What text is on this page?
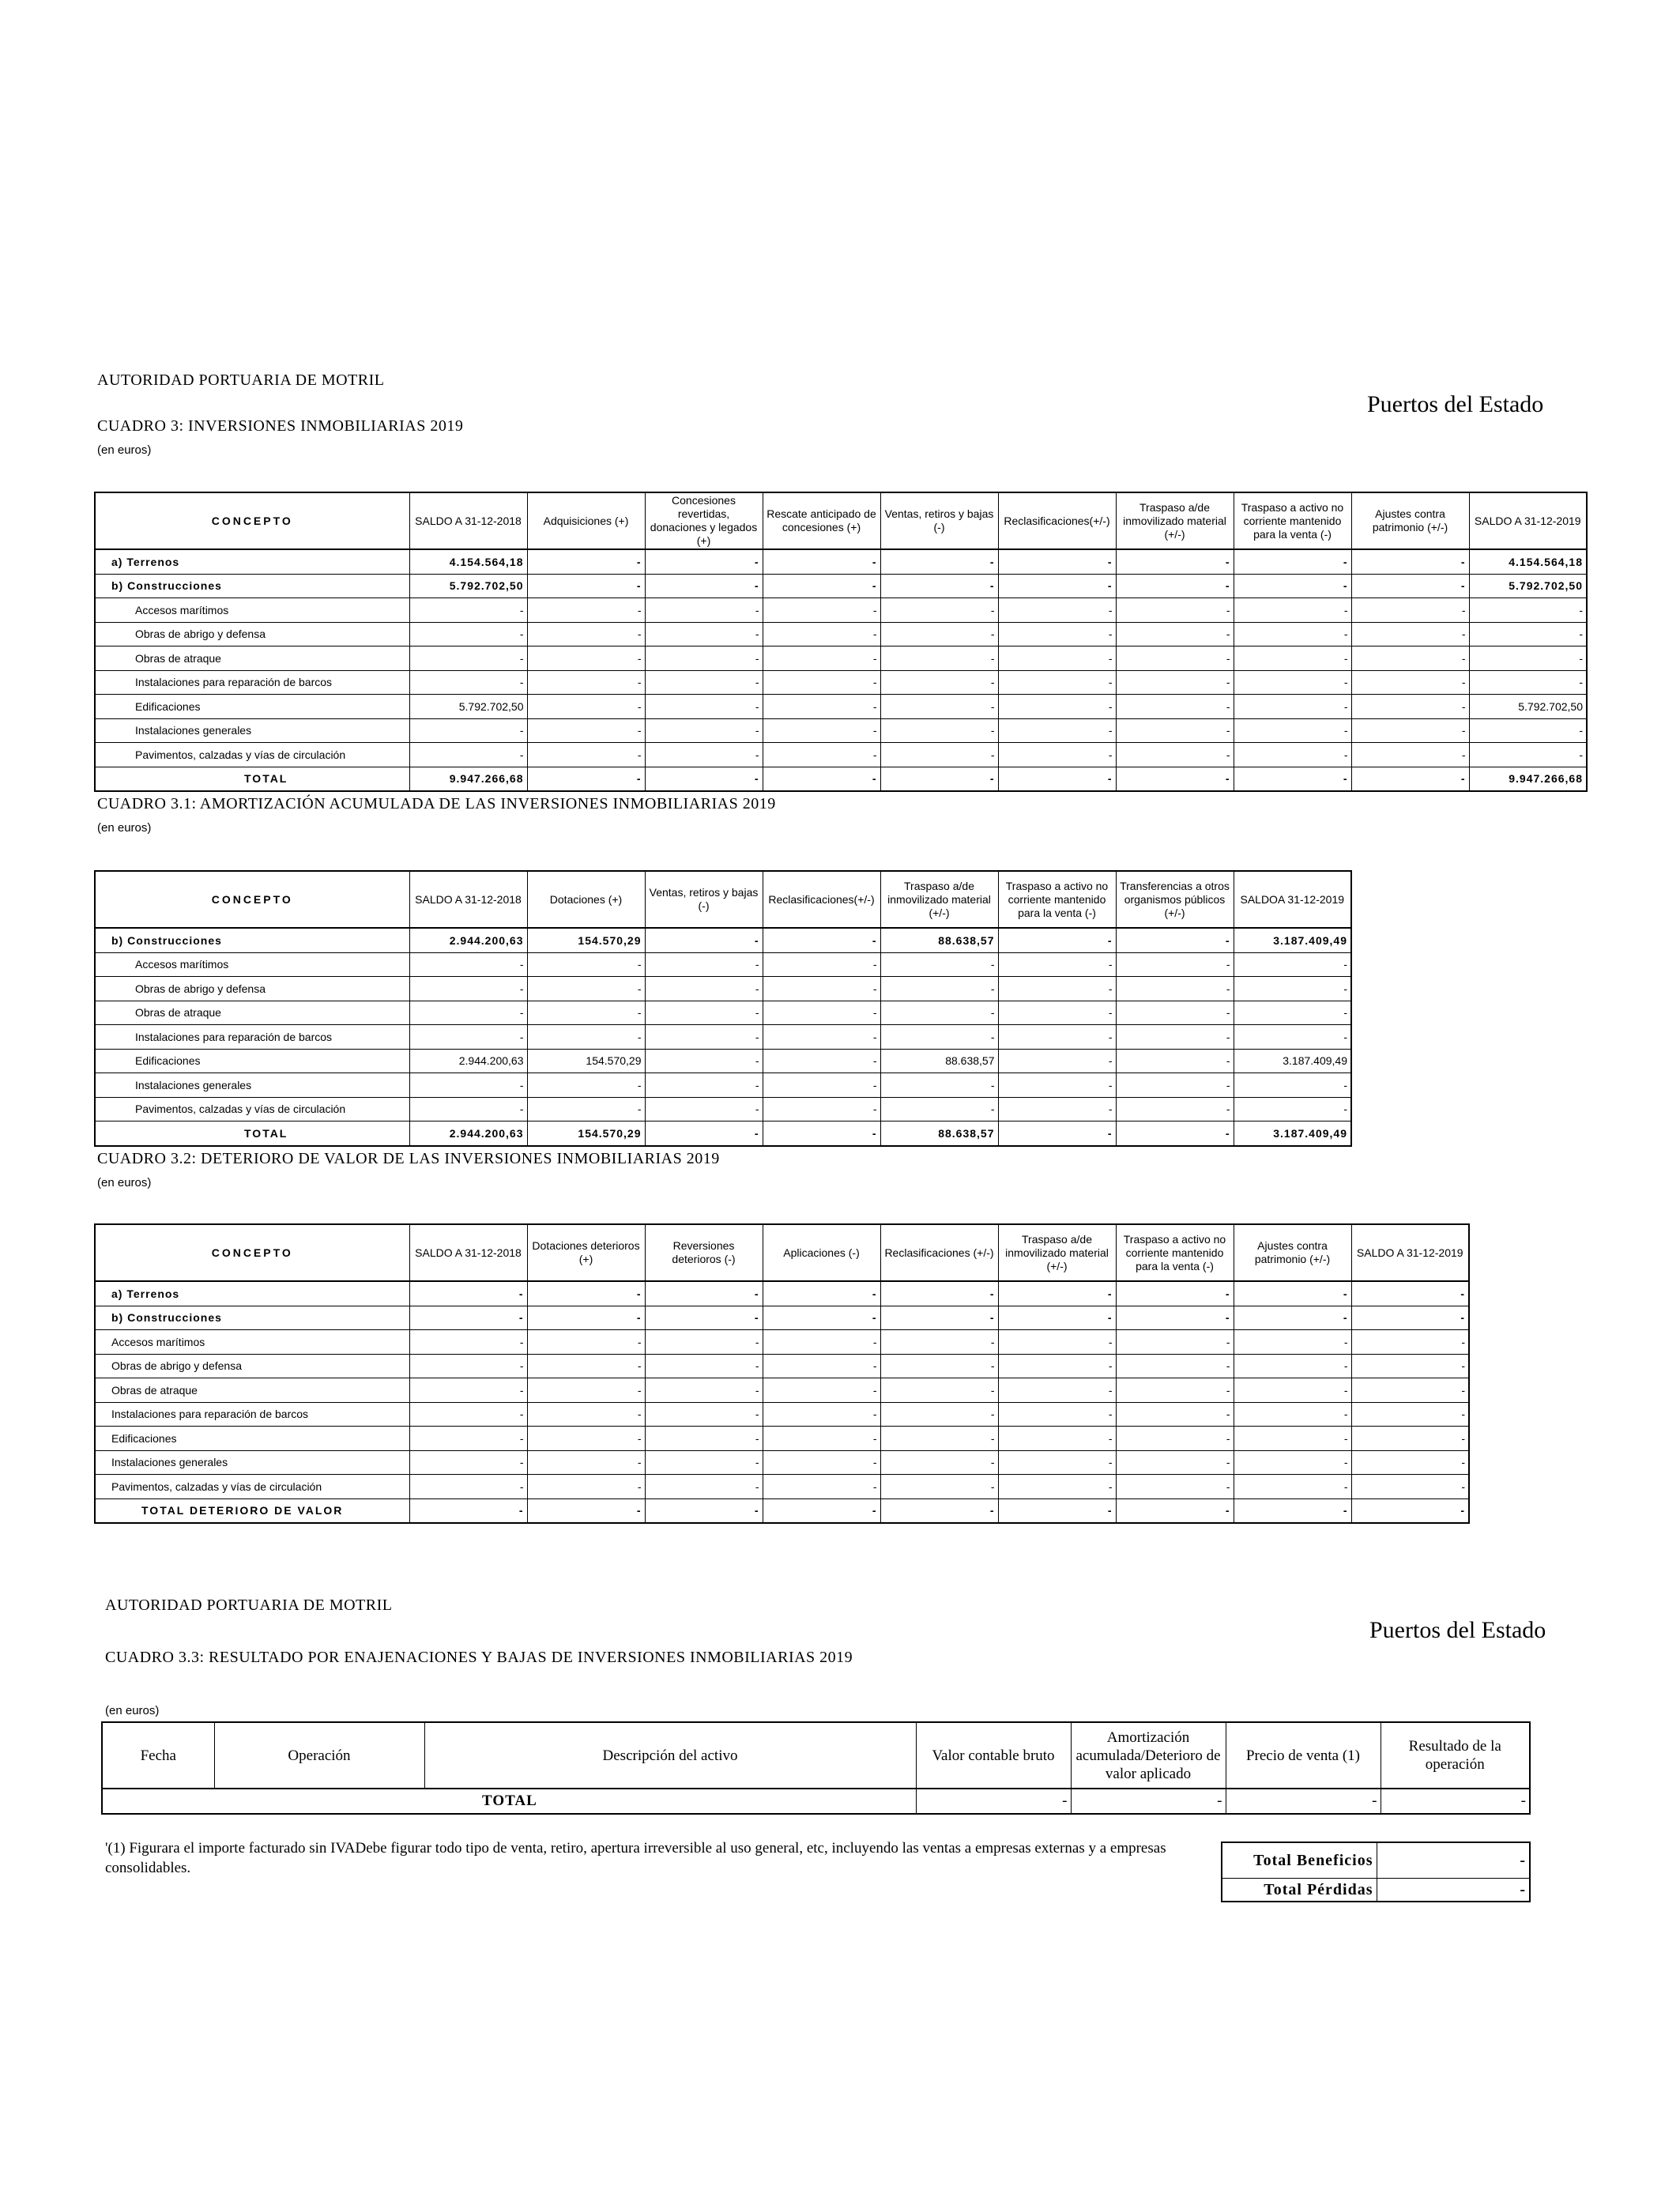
AUTORIDAD PORTUARIA DE MOTRIL
Puertos del Estado
CUADRO 3: INVERSIONES INMOBILIARIAS 2019
(en euros)
CONCEPTO	SALDO A 31-12-2018	Adquisiciones (+)	Concesiones revertidas, donaciones y legados (+)	Rescate anticipado de concesiones (+)	Ventas, retiros y bajas (-)	Reclasificaciones(+/-)	Traspaso a/de inmovilizado material (+/-)	Traspaso a activo no corriente mantenido para la venta (-)	Ajustes contra patrimonio (+/-)	SALDO A 31-12-2019
a) Terrenos	4.154.564,18	-	-	-	-	-	-	-	-	4.154.564,18
b) Construcciones	5.792.702,50	-	-	-	-	-	-	-	-	5.792.702,50
Accesos marítimos	-	-	-	-	-	-	-	-	-	-
Obras de abrigo y defensa	-	-	-	-	-	-	-	-	-	-
Obras de atraque	-	-	-	-	-	-	-	-	-	-
Instalaciones para reparación de barcos	-	-	-	-	-	-	-	-	-	-
Edificaciones	5.792.702,50	-	-	-	-	-	-	-	-	5.792.702,50
Instalaciones generales	-	-	-	-	-	-	-	-	-	-
Pavimentos, calzadas y vías de circulación	-	-	-	-	-	-	-	-	-	-
TOTAL	9.947.266,68	-	-	-	-	-	-	-	-	9.947.266,68
CUADRO 3.1: AMORTIZACIÓN ACUMULADA DE LAS INVERSIONES INMOBILIARIAS 2019
(en euros)
CONCEPTO	SALDO A 31-12-2018	Dotaciones (+)	Ventas, retiros y bajas (-)	Reclasificaciones(+/-)	Traspaso a/de inmovilizado material (+/-)	Traspaso a activo no corriente mantenido para la venta (-)	Transferencias a otros organismos públicos (+/-)	SALDOA 31-12-2019
b) Construcciones	2.944.200,63	154.570,29	-	-	88.638,57	-	-	3.187.409,49
Accesos marítimos	-	-	-	-	-	-	-	-
Obras de abrigo y defensa	-	-	-	-	-	-	-	-
Obras de atraque	-	-	-	-	-	-	-	-
Instalaciones para reparación de barcos	-	-	-	-	-	-	-	-
Edificaciones	2.944.200,63	154.570,29	-	-	88.638,57	-	-	3.187.409,49
Instalaciones generales	-	-	-	-	-	-	-	-
Pavimentos, calzadas y vías de circulación	-	-	-	-	-	-	-	-
TOTAL	2.944.200,63	154.570,29	-	-	88.638,57	-	-	3.187.409,49
CUADRO 3.2: DETERIORO DE VALOR DE LAS INVERSIONES INMOBILIARIAS 2019
(en euros)
CONCEPTO	SALDO A 31-12-2018	Dotaciones deterioros (+)	Reversiones deterioros (-)	Aplicaciones (-)	Reclasificaciones (+/-)	Traspaso a/de inmovilizado material (+/-)	Traspaso a activo no corriente mantenido para la venta (-)	Ajustes contra patrimonio (+/-)	SALDO A 31-12-2019
a) Terrenos	-	-	-	-	-	-	-	-	-
b) Construcciones	-	-	-	-	-	-	-	-	-
Accesos marítimos	-	-	-	-	-	-	-	-	-
Obras de abrigo y defensa	-	-	-	-	-	-	-	-	-
Obras de atraque	-	-	-	-	-	-	-	-	-
Instalaciones para reparación de barcos	-	-	-	-	-	-	-	-	-
Edificaciones	-	-	-	-	-	-	-	-	-
Instalaciones generales	-	-	-	-	-	-	-	-	-
Pavimentos, calzadas y vías de circulación	-	-	-	-	-	-	-	-	-
TOTAL DETERIORO DE VALOR	-	-	-	-	-	-	-	-	-
AUTORIDAD PORTUARIA DE MOTRIL
Puertos del Estado
CUADRO 3.3: RESULTADO POR ENAJENACIONES Y BAJAS DE INVERSIONES INMOBILIARIAS 2019
(en euros)
Fecha	Operación	Descripción del activo	Valor contable bruto	Amortización acumulada/Deterioro de valor aplicado	Precio de venta (1)	Resultado de la operación
TOTAL			-	-	-	-
'(1) Figurara el importe facturado sin IVADebe figurar todo tipo de venta, retiro, apertura irreversible al uso general, etc, incluyendo las ventas a empresas externas y a empresas consolidables.	Total Beneficios	-
Total Pérdidas	-
